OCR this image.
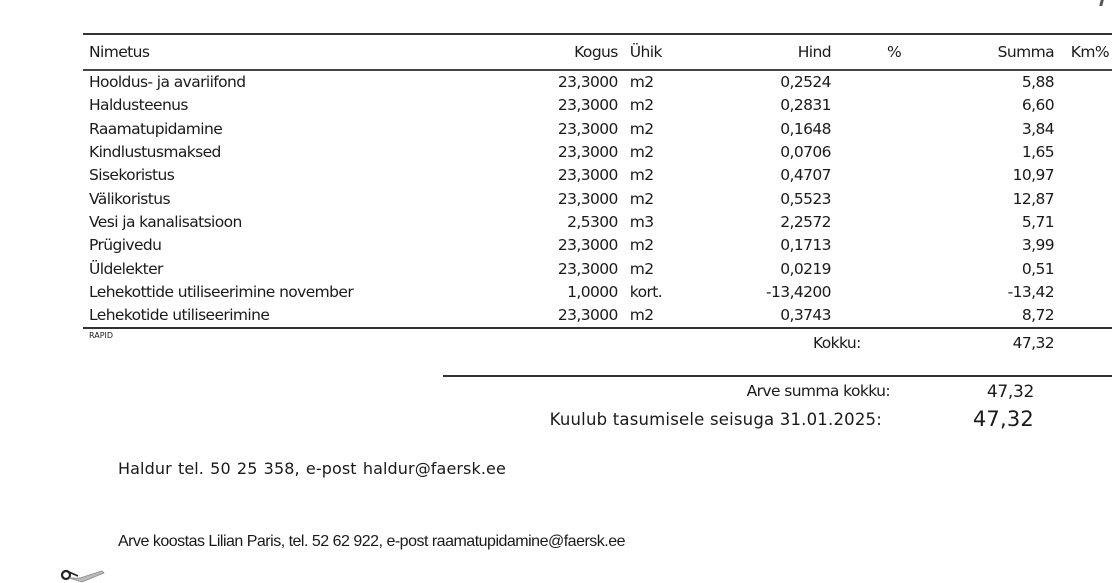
Nimetus	Kogus	Ühik	Hind	%	Summa	Km%
Hooldus- ja avariifond	23,3000	m2	0,2524		5,88	
Haldusteenus	23,3000	m2	0,2831		6,60	
Raamatupidamine	23,3000	m2	0,1648		3,84	
Kindlustusmaksed	23,3000	m2	0,0706		1,65	
Sisekoristus	23,3000	m2	0,4707		10,97	
Välikoristus	23,3000	m2	0,5523		12,87	
Vesi ja kanalisatsioon	2,5300	m3	2,2572		5,71	
Prügivedu	23,3000	m2	0,1713		3,99	
Üldelekter	23,3000	m2	0,0219		0,51	
Lehekottide utiliseerimine november	1,0000	kort.	-13,4200		-13,42	
Lehekotide utiliseerimine	23,3000	m2	0,3743		8,72	
RAPID				Kokku:	47,32	
Arve summa kokku:	47,32
Kuulub tasumisele seisuga 31.01.2025:	47,32
Haldur tel. 50 25 358, e-post haldur@faersk.ee
Arve koostas Lilian Paris, tel. 52 62 922, e-post raamatupidamine@faersk.ee
